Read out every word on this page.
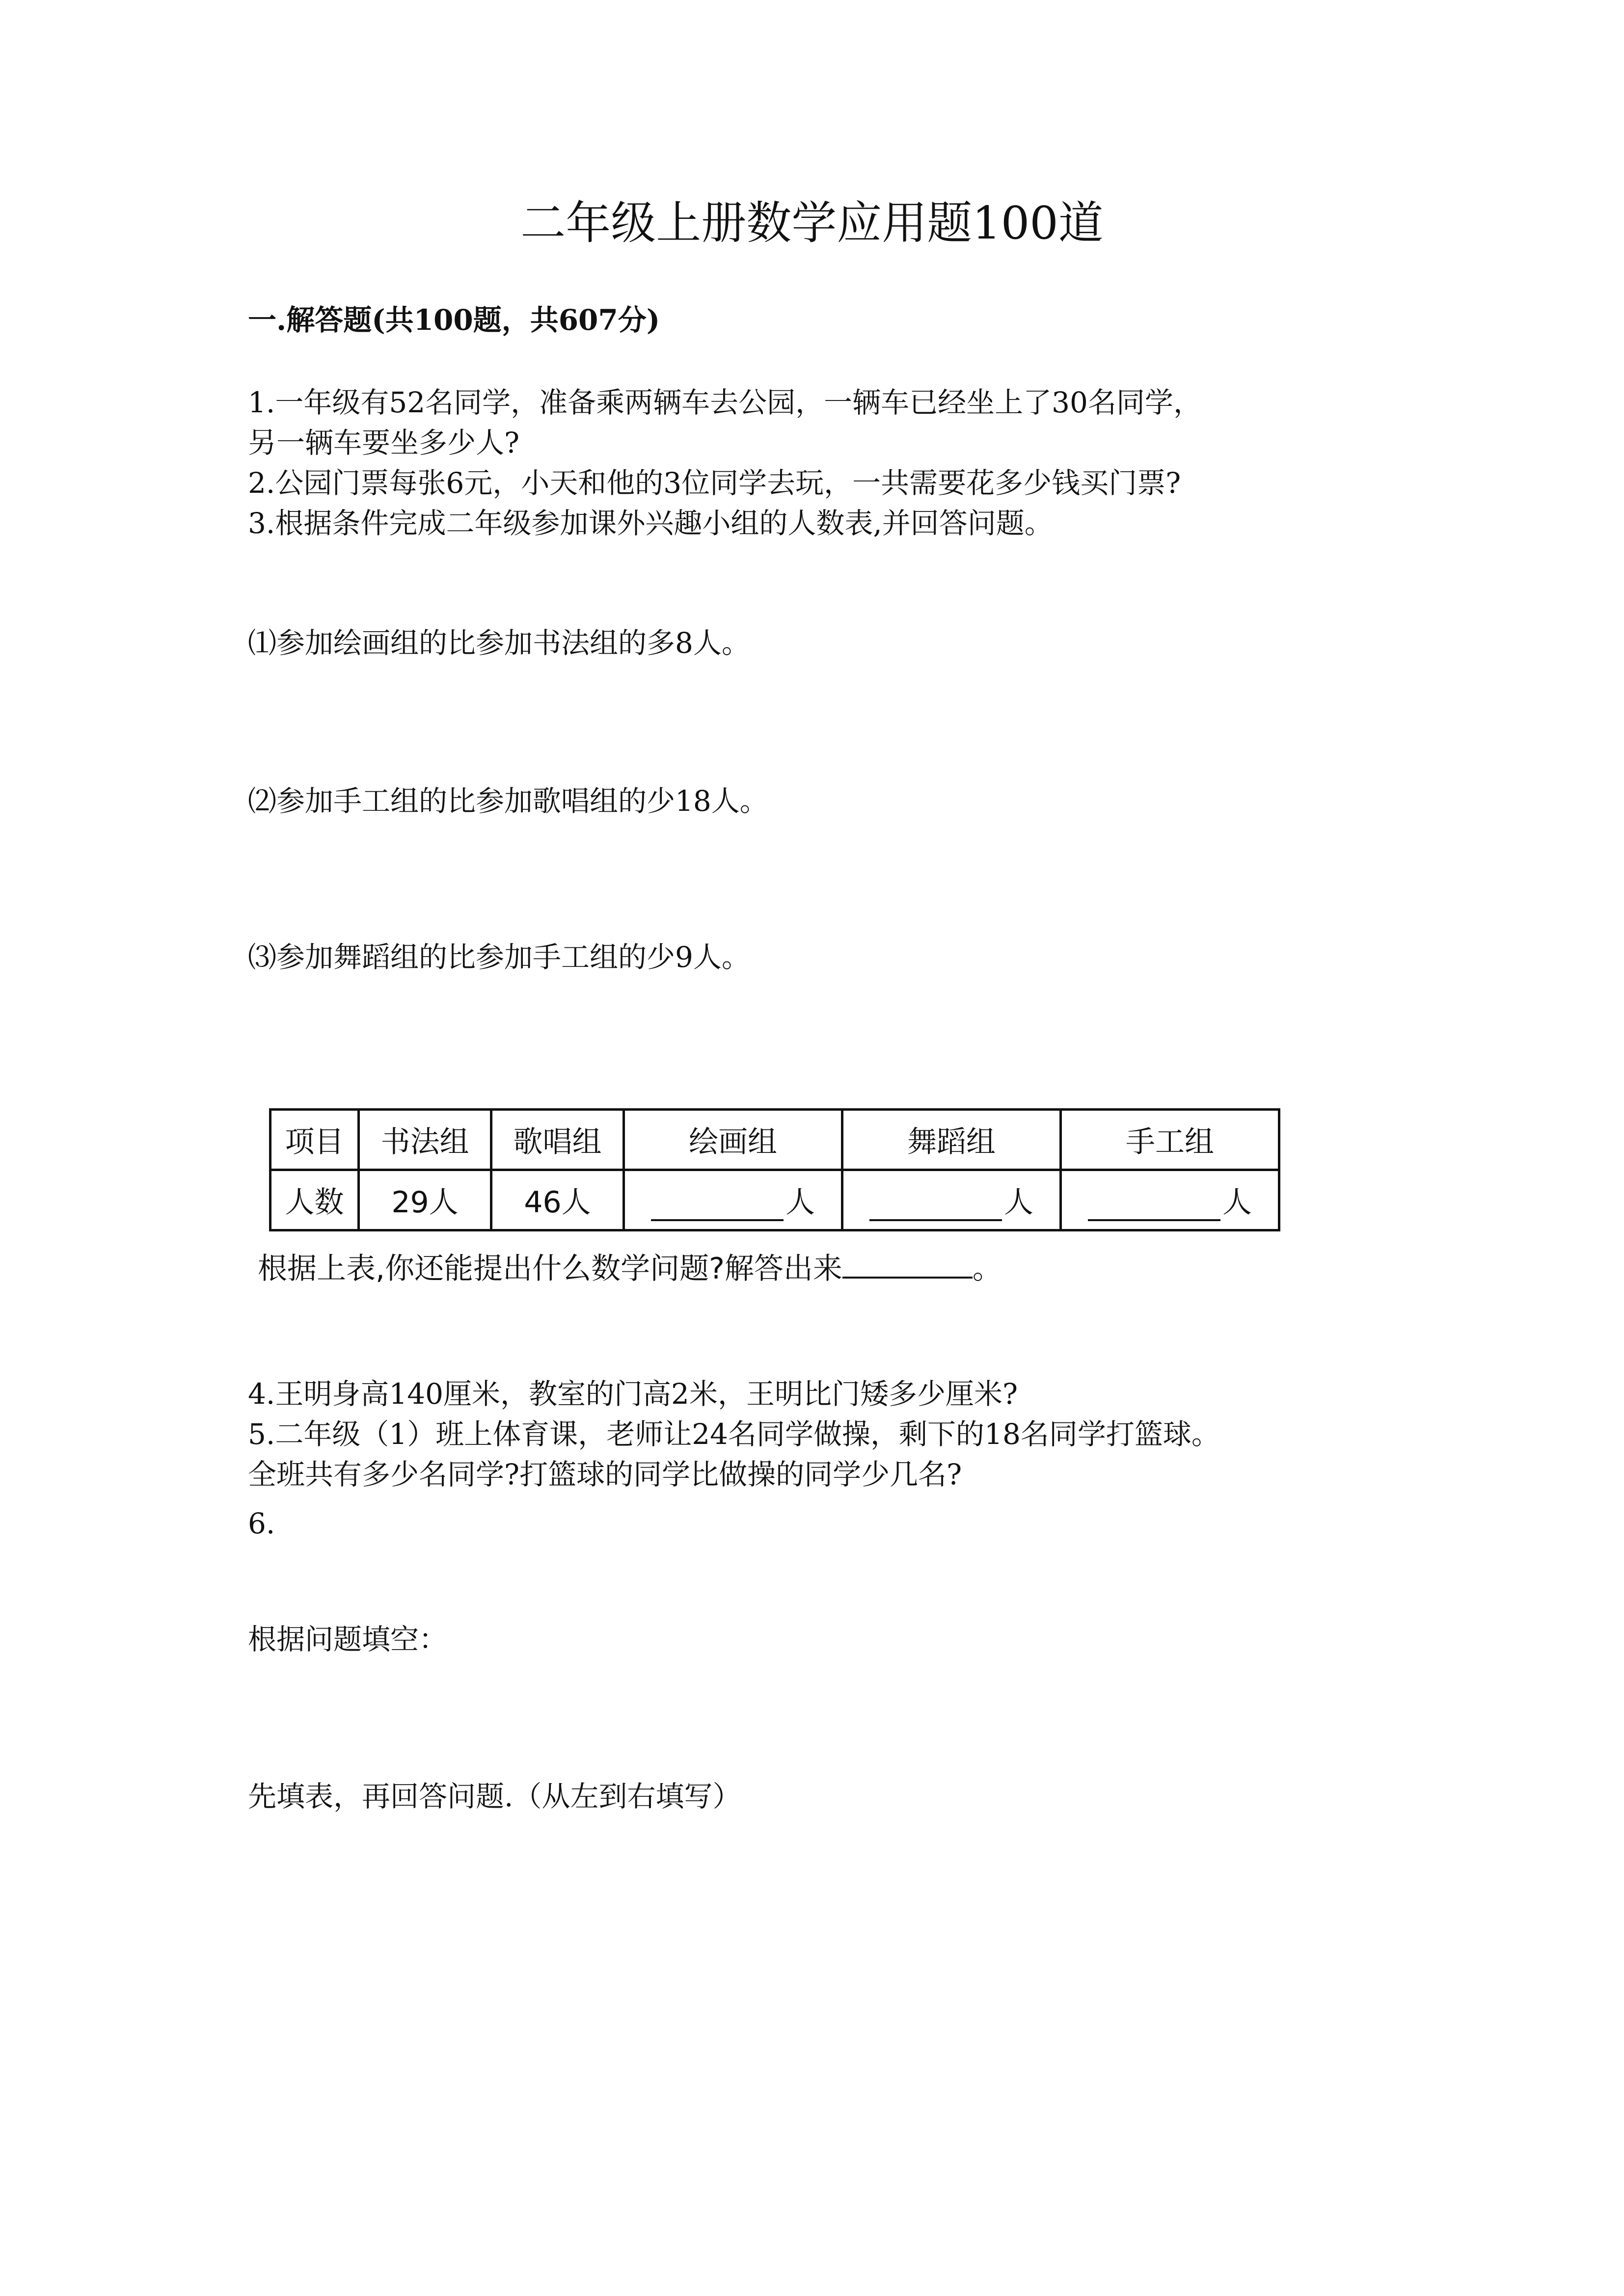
二年级上册数学应用题100道
一.解答题(共100题，共607分)
1.一年级有52名同学，准备乘两辆车去公园，一辆车已经坐上了30名同学，
另一辆车要坐多少人?
2.公园门票每张6元，小天和他的3位同学去玩，一共需要花多少钱买门票?
3.根据条件完成二年级参加课外兴趣小组的人数表,并回答问题。
⑴参加绘画组的比参加书法组的多8人。
⑵参加手工组的比参加歌唱组的少18人。
⑶参加舞蹈组的比参加手工组的少9人。
项目	书法组	歌唱组	绘画组	舞蹈组	手工组
人数	29人	46人	人	人	人
根据上表,你还能提出什么数学问题?解答出来	。
4.王明身高140厘米，教室的门高2米，王明比门矮多少厘米?
5.二年级（1）班上体育课，老师让24名同学做操，剩下的18名同学打篮球。
全班共有多少名同学?打篮球的同学比做操的同学少几名?
6.
根据问题填空：
先填表，再回答问题.（从左到右填写）
